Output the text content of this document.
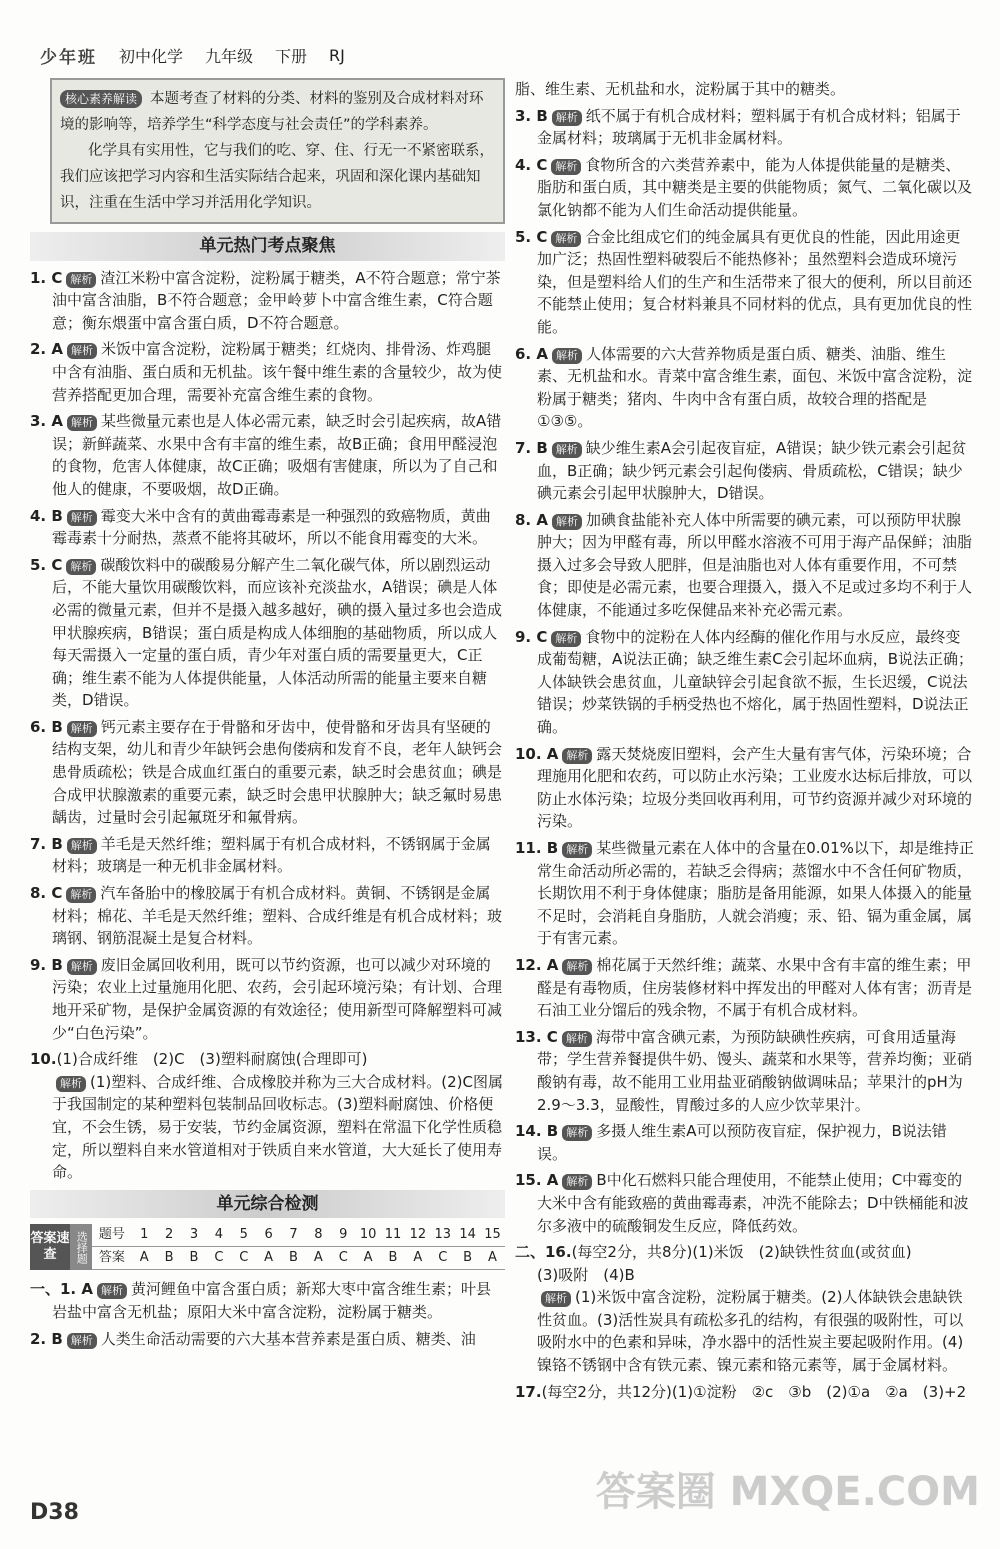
少年班 初中化学 九年级 下册 RJ
核心素养解读 本题考查了材料的分类、材料的鉴别及合成材料对环境的影响等，培养学生“科学态度与社会责任”的学科素养。
化学具有实用性，它与我们的吃、穿、住、行无一不紧密联系，我们应该把学习内容和生活实际结合起来，巩固和深化课内基础知识，注重在生活中学习并活用化学知识。
单元热门考点聚焦
1. C 解析 渣江米粉中富含淀粉，淀粉属于糖类，A不符合题意；常宁茶油中富含油脂，B不符合题意；金甲岭萝卜中富含维生素，C符合题意；衡东煨蛋中富含蛋白质，D不符合题意。
2. A 解析 米饭中富含淀粉，淀粉属于糖类；红烧肉、排骨汤、炸鸡腿中含有油脂、蛋白质和无机盐。该午餐中维生素的含量较少，故为使营养搭配更加合理，需要补充富含维生素的食物。
3. A 解析 某些微量元素也是人体必需元素，缺乏时会引起疾病，故A错误；新鲜蔬菜、水果中含有丰富的维生素，故B正确；食用甲醛浸泡的食物，危害人体健康，故C正确；吸烟有害健康，所以为了自己和他人的健康，不要吸烟，故D正确。
4. B 解析 霉变大米中含有的黄曲霉毒素是一种强烈的致癌物质，黄曲霉毒素十分耐热，蒸煮不能将其破坏，所以不能食用霉变的大米。
5. C 解析 碳酸饮料中的碳酸易分解产生二氧化碳气体，所以剧烈运动后，不能大量饮用碳酸饮料，而应该补充淡盐水，A错误；碘是人体必需的微量元素，但并不是摄入越多越好，碘的摄入量过多也会造成甲状腺疾病，B错误；蛋白质是构成人体细胞的基础物质，所以成人每天需摄入一定量的蛋白质，青少年对蛋白质的需要量更大，C正确；维生素不能为人体提供能量，人体活动所需的能量主要来自糖类，D错误。
6. B 解析 钙元素主要存在于骨骼和牙齿中，使骨骼和牙齿具有坚硬的结构支架，幼儿和青少年缺钙会患佝偻病和发育不良，老年人缺钙会患骨质疏松；铁是合成血红蛋白的重要元素，缺乏时会患贫血；碘是合成甲状腺激素的重要元素，缺乏时会患甲状腺肿大；缺乏氟时易患龋齿，过量时会引起氟斑牙和氟骨病。
7. B 解析 羊毛是天然纤维；塑料属于有机合成材料，不锈钢属于金属材料；玻璃是一种无机非金属材料。
8. C 解析 汽车备胎中的橡胶属于有机合成材料。黄铜、不锈钢是金属材料；棉花、羊毛是天然纤维；塑料、合成纤维是有机合成材料；玻璃钢、钢筋混凝土是复合材料。
9. B 解析 废旧金属回收利用，既可以节约资源，也可以减少对环境的污染；农业上过量施用化肥、农药，会引起环境污染；有计划、合理地开采矿物，是保护金属资源的有效途径；使用新型可降解塑料可减少“白色污染”。
10.(1)合成纤维　(2)C　(3)塑料耐腐蚀(合理即可)
解析 (1)塑料、合成纤维、合成橡胶并称为三大合成材料。(2)C图属于我国制定的某种塑料包装制品回收标志。(3)塑料耐腐蚀、价格便宜，不会生锈，易于安装，节约金属资源，塑料在常温下化学性质稳定，所以塑料自来水管道相对于铁质自来水管道，大大延长了使用寿命。
单元综合检测
答案速查	选择题 题号	1	2	3	4	5	6	7	8	9 10 11 12 13 14 15
答案	A	B	B	C	C	A	B	A	C	A	B	A	C	B	A
一、1. A 解析 黄河鲤鱼中富含蛋白质；新郑大枣中富含维生素；叶县岩盐中富含无机盐；原阳大米中富含淀粉，淀粉属于糖类。
2. B 解析 人类生命活动需要的六大基本营养素是蛋白质、糖类、油
脂、维生素、无机盐和水，淀粉属于其中的糖类。
3. B 解析 纸不属于有机合成材料；塑料属于有机合成材料；铝属于金属材料；玻璃属于无机非金属材料。
4. C 解析 食物所含的六类营养素中，能为人体提供能量的是糖类、脂肪和蛋白质，其中糖类是主要的供能物质；氮气、二氧化碳以及氯化钠都不能为人们生命活动提供能量。
5. C 解析 合金比组成它们的纯金属具有更优良的性能，因此用途更加广泛；热固性塑料破裂后不能热修补；虽然塑料会造成环境污染，但是塑料给人们的生产和生活带来了很大的便利，所以目前还不能禁止使用；复合材料兼具不同材料的优点，具有更加优良的性能。
6. A 解析 人体需要的六大营养物质是蛋白质、糖类、油脂、维生素、无机盐和水。青菜中富含维生素，面包、米饭中富含淀粉，淀粉属于糖类；猪肉、牛肉中含有蛋白质，故较合理的搭配是①③⑤。
7. B 解析 缺少维生素A会引起夜盲症，A错误；缺少铁元素会引起贫血，B正确；缺少钙元素会引起佝偻病、骨质疏松，C错误；缺少碘元素会引起甲状腺肿大，D错误。
8. A 解析 加碘食盐能补充人体中所需要的碘元素，可以预防甲状腺肿大；因为甲醛有毒，所以甲醛水溶液不可用于海产品保鲜；油脂摄入过多会导致人肥胖，但是油脂也对人体有重要作用，不可禁食；即使是必需元素，也要合理摄入，摄入不足或过多均不利于人体健康，不能通过多吃保健品来补充必需元素。
9. C 解析 食物中的淀粉在人体内经酶的催化作用与水反应，最终变成葡萄糖，A说法正确；缺乏维生素C会引起坏血病，B说法正确；人体缺铁会患贫血，儿童缺锌会引起食欲不振，生长迟缓，C说法错误；炒菜铁锅的手柄受热也不熔化，属于热固性塑料，D说法正确。
10. A 解析 露天焚烧废旧塑料，会产生大量有害气体，污染环境；合理施用化肥和农药，可以防止水污染；工业废水达标后排放，可以防止水体污染；垃圾分类回收再利用，可节约资源并减少对环境的污染。
11. B 解析 某些微量元素在人体中的含量在0.01%以下，却是维持正常生命活动所必需的，若缺乏会得病；蒸馏水中不含任何矿物质，长期饮用不利于身体健康；脂肪是备用能源，如果人体摄入的能量不足时，会消耗自身脂肪，人就会消瘦；汞、铅、镉为重金属，属于有害元素。
12. A 解析 棉花属于天然纤维；蔬菜、水果中含有丰富的维生素；甲醛是有毒物质，住房装修材料中挥发出的甲醛对人体有害；沥青是石油工业分馏后的残余物，不属于有机合成材料。
13. C 解析 海带中富含碘元素，为预防缺碘性疾病，可食用适量海带；学生营养餐提供牛奶、馒头、蔬菜和水果等，营养均衡；亚硝酸钠有毒，故不能用工业用盐亚硝酸钠做调味品；苹果汁的pH为2.9～3.3，显酸性，胃酸过多的人应少饮苹果汁。
14. B 解析 多摄人维生素A可以预防夜盲症，保护视力，B说法错误。
15. A 解析 B中化石燃料只能合理使用，不能禁止使用；C中霉变的大米中含有能致癌的黄曲霉毒素，冲洗不能除去；D中铁桶能和波尔多液中的硫酸铜发生反应，降低药效。
二、16.(每空2分，共8分)(1)米饭　(2)缺铁性贫血(或贫血)
(3)吸附　(4)B
解析 (1)米饭中富含淀粉，淀粉属于糖类。(2)人体缺铁会患缺铁性贫血。(3)活性炭具有疏松多孔的结构，有很强的吸附性，可以吸附水中的色素和异味，净水器中的活性炭主要起吸附作用。(4)镍铬不锈钢中含有铁元素、镍元素和铬元素等，属于金属材料。
17.(每空2分，共12分)(1)①淀粉　②c　③b　(2)①a　②a　(3)+2
D38	答案圈 MXQE.COM
